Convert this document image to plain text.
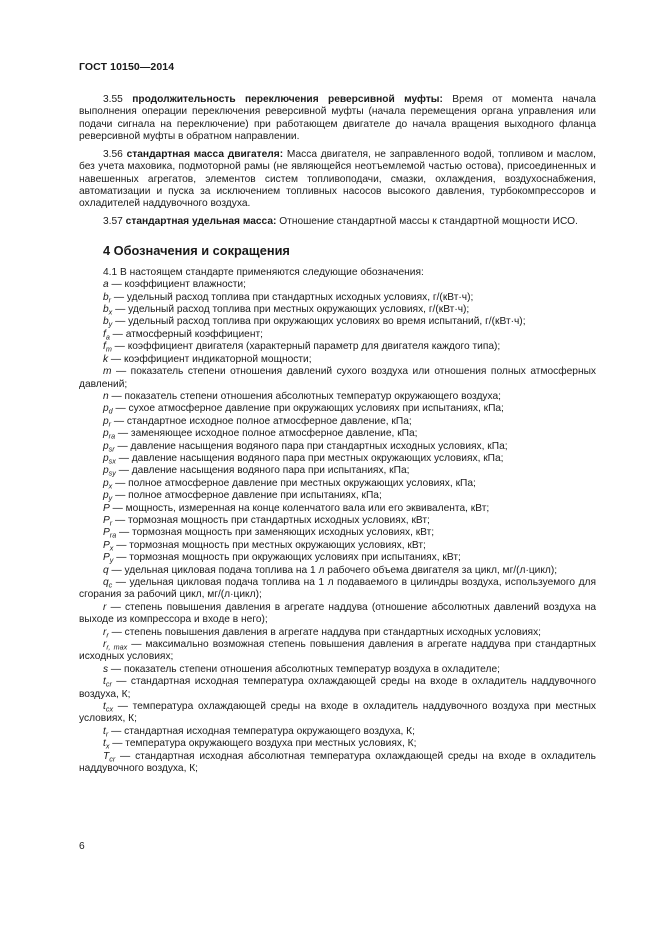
ГОСТ 10150—2014

3.55 продолжительность переключения реверсивной муфты: Время от момента начала выполнения операции переключения реверсивной муфты (начала перемещения органа управления или подачи сигнала на переключение) при работающем двигателе до начала вращения выходного фланца реверсивной муфты в обратном направлении.

3.56 стандартная масса двигателя: Масса двигателя, не заправленного водой, топливом и маслом, без учета маховика, подмоторной рамы (не являющейся неотъемлемой частью остова), присоединенных и навешенных агрегатов, элементов систем топливоподачи, смазки, охлаждения, воздухоснабжения, автоматизации и пуска за исключением топливных насосов высокого давления, турбокомпрессоров и охладителей наддувочного воздуха.

3.57 стандартная удельная масса: Отношение стандартной массы к стандартной мощности ИСО.

4 Обозначения и сокращения

4.1 В настоящем стандарте применяются следующие обозначения:

a — коэффициент влажности;

$b_r$ — удельный расход топлива при стандартных исходных условиях, г/(кВт·ч);

$b_x$ — удельный расход топлива при местных окружающих условиях, г/(кВт·ч);

$b_y$ — удельный расход топлива при окружающих условиях во время испытаний, г/(кВт·ч);

$f_a$ — атмосферный коэффициент;

$f_m$ — коэффициент двигателя (характерный параметр для двигателя каждого типа);

k — коэффициент индикаторной мощности;

m — показатель степени отношения давлений сухого воздуха или отношения полных атмосферных давлений;

n — показатель степени отношения абсолютных температур окружающего воздуха;

$p_d$ — сухое атмосферное давление при окружающих условиях при испытаниях, кПа;

$p_r$ — стандартное исходное полное атмосферное давление, кПа;

$p_{ra}$ — заменяющее исходное полное атмосферное давление, кПа;

$p_{sr}$ — давление насыщения водяного пара при стандартных исходных условиях, кПа;

$p_{sx}$ — давление насыщения водяного пара при местных окружающих условиях, кПа;

$p_{sy}$ — давление насыщения водяного пара при испытаниях, кПа;

$p_x$ — полное атмосферное давление при местных окружающих условиях, кПа;

$p_y$ — полное атмосферное давление при испытаниях, кПа;

P — мощность, измеренная на конце коленчатого вала или его эквивалента, кВт;

$P_r$ — тормозная мощность при стандартных исходных условиях, кВт;

$P_{ra}$ — тормозная мощность при заменяющих исходных условиях, кВт;

$P_x$ — тормозная мощность при местных окружающих условиях, кВт;

$P_y$ — тормозная мощность при окружающих условиях при испытаниях, кВт;

q — удельная цикловая подача топлива на 1 л рабочего объема двигателя за цикл, мг/(л·цикл);

$q_c$ — удельная цикловая подача топлива на 1 л подаваемого в цилиндры воздуха, используемого для сгорания за рабочий цикл, мг/(л·цикл);

r — степень повышения давления в агрегате наддува (отношение абсолютных давлений воздуха на выходе из компрессора и входе в него);

$r_r$ — степень повышения давления в агрегате наддува при стандартных исходных условиях;

$r_{r, max}$ — максимально возможная степень повышения давления в агрегате наддува при стандартных исходных условиях;

s — показатель степени отношения абсолютных температур воздуха в охладителе;

$t_{cr}$ — стандартная исходная температура охлаждающей среды на входе в охладитель наддувочного воздуха, К;

$t_{cx}$ — температура охлаждающей среды на входе в охладитель наддувочного воздуха при местных условиях, К;

$t_r$ — стандартная исходная температура окружающего воздуха, К;

$t_x$ — температура окружающего воздуха при местных условиях, К;

$T_{cr}$ — стандартная исходная абсолютная температура охлаждающей среды на входе в охладитель наддувочного воздуха, К;

6
